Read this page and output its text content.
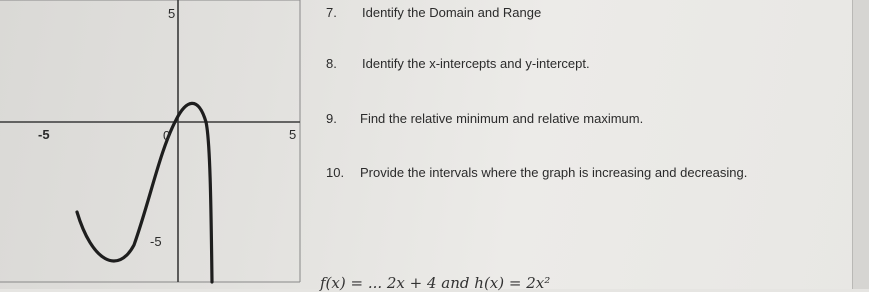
5
-5	0	5
-5
7. Identify the Domain and Range
8. Identify the x-intercepts and y-intercept.
9. Find the relative minimum and relative maximum.
10. Provide the intervals where the graph is increasing and decreasing.
f(x) = ... 2x + 4 and h(x) = 2x²
